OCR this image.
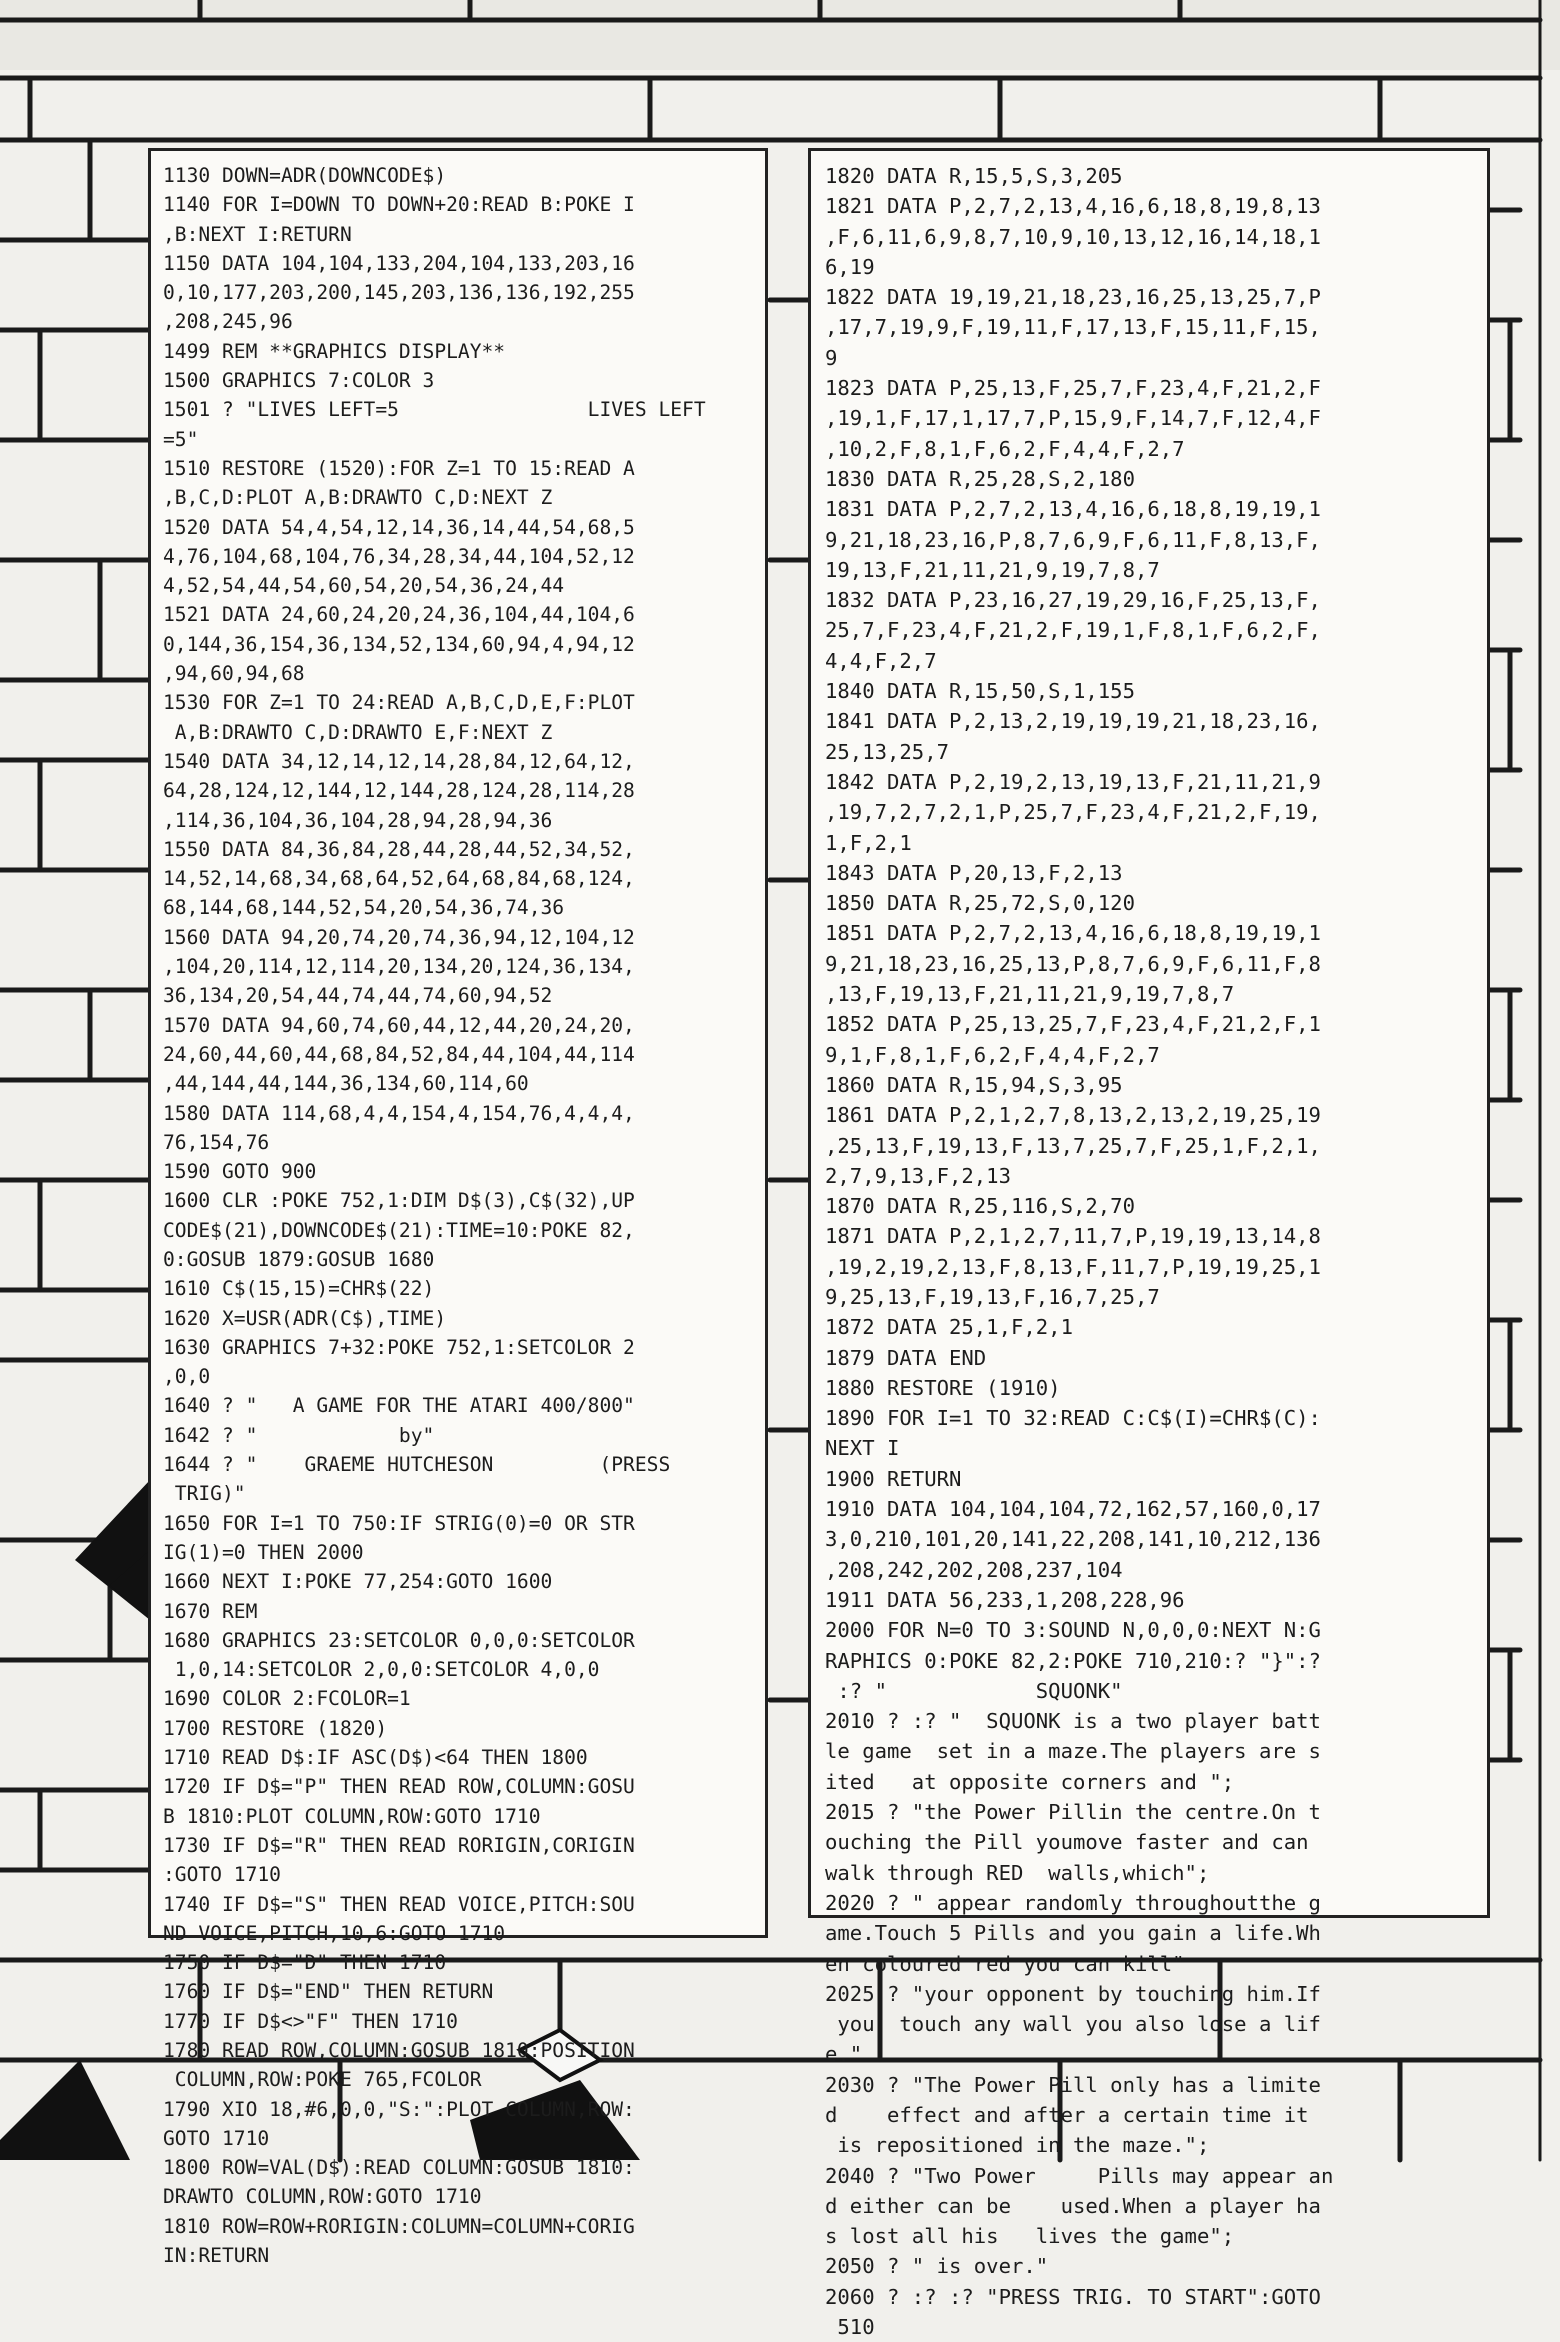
1130 DOWN=ADR(DOWNCODE$)
1140 FOR I=DOWN TO DOWN+20:READ B:POKE I
,B:NEXT I:RETURN
1150 DATA 104,104,133,204,104,133,203,16
0,10,177,203,200,145,203,136,136,192,255
,208,245,96
1499 REM **GRAPHICS DISPLAY**
1500 GRAPHICS 7:COLOR 3
1501 ? "LIVES LEFT=5                LIVES LEFT
=5"
1510 RESTORE (1520):FOR Z=1 TO 15:READ A
,B,C,D:PLOT A,B:DRAWTO C,D:NEXT Z
1520 DATA 54,4,54,12,14,36,14,44,54,68,5
4,76,104,68,104,76,34,28,34,44,104,52,12
4,52,54,44,54,60,54,20,54,36,24,44
1521 DATA 24,60,24,20,24,36,104,44,104,6
0,144,36,154,36,134,52,134,60,94,4,94,12
,94,60,94,68
1530 FOR Z=1 TO 24:READ A,B,C,D,E,F:PLOT
A,B:DRAWTO C,D:DRAWTO E,F:NEXT Z
1540 DATA 34,12,14,12,14,28,84,12,64,12,
64,28,124,12,144,12,144,28,124,28,114,28
,114,36,104,36,104,28,94,28,94,36
1550 DATA 84,36,84,28,44,28,44,52,34,52,
14,52,14,68,34,68,64,52,64,68,84,68,124,
68,144,68,144,52,54,20,54,36,74,36
1560 DATA 94,20,74,20,74,36,94,12,104,12
,104,20,114,12,114,20,134,20,124,36,134,
36,134,20,54,44,74,44,74,60,94,52
1570 DATA 94,60,74,60,44,12,44,20,24,20,
24,60,44,60,44,68,84,52,84,44,104,44,114
,44,144,44,144,36,134,60,114,60
1580 DATA 114,68,4,4,154,4,154,76,4,4,4,
76,154,76
1590 GOTO 900
1600 CLR :POKE 752,1:DIM D$(3),C$(32),UP
CODE$(21),DOWNCODE$(21):TIME=10:POKE 82,
0:GOSUB 1879:GOSUB 1680
1610 C$(15,15)=CHR$(22)
1620 X=USR(ADR(C$),TIME)
1630 GRAPHICS 7+32:POKE 752,1:SETCOLOR 2
,0,0
1640 ? "   A GAME FOR THE ATARI 400/800"
1642 ? "            by"
1644 ? "    GRAEME HUTCHESON         (PRESS
TRIG)"
1650 FOR I=1 TO 750:IF STRIG(0)=0 OR STR
IG(1)=0 THEN 2000
1660 NEXT I:POKE 77,254:GOTO 1600
1670 REM
1680 GRAPHICS 23:SETCOLOR 0,0,0:SETCOLOR
1,0,14:SETCOLOR 2,0,0:SETCOLOR 4,0,0
1690 COLOR 2:FCOLOR=1
1700 RESTORE (1820)
1710 READ D$:IF ASC(D$)<64 THEN 1800
1720 IF D$="P" THEN READ ROW,COLUMN:GOSU
B 1810:PLOT COLUMN,ROW:GOTO 1710
1730 IF D$="R" THEN READ RORIGIN,CORIGIN
:GOTO 1710
1740 IF D$="S" THEN READ VOICE,PITCH:SOU
ND VOICE,PITCH,10,6:GOTO 1710
1750 IF D$="D" THEN 1710
1760 IF D$="END" THEN RETURN
1770 IF D$<>"F" THEN 1710
1780 READ ROW,COLUMN:GOSUB 1810:POSITION
COLUMN,ROW:POKE 765,FCOLOR
1790 XIO 18,#6,0,0,"S:":PLOT COLUMN,ROW:
GOTO 1710
1800 ROW=VAL(D$):READ COLUMN:GOSUB 1810:
DRAWTO COLUMN,ROW:GOTO 1710
1810 ROW=ROW+RORIGIN:COLUMN=COLUMN+CORIG
IN:RETURN
1820 DATA R,15,5,S,3,205
1821 DATA P,2,7,2,13,4,16,6,18,8,19,8,13
,F,6,11,6,9,8,7,10,9,10,13,12,16,14,18,1
6,19
1822 DATA 19,19,21,18,23,16,25,13,25,7,P
,17,7,19,9,F,19,11,F,17,13,F,15,11,F,15,
9
1823 DATA P,25,13,F,25,7,F,23,4,F,21,2,F
,19,1,F,17,1,17,7,P,15,9,F,14,7,F,12,4,F
,10,2,F,8,1,F,6,2,F,4,4,F,2,7
1830 DATA R,25,28,S,2,180
1831 DATA P,2,7,2,13,4,16,6,18,8,19,19,1
9,21,18,23,16,P,8,7,6,9,F,6,11,F,8,13,F,
19,13,F,21,11,21,9,19,7,8,7
1832 DATA P,23,16,27,19,29,16,F,25,13,F,
25,7,F,23,4,F,21,2,F,19,1,F,8,1,F,6,2,F,
4,4,F,2,7
1840 DATA R,15,50,S,1,155
1841 DATA P,2,13,2,19,19,19,21,18,23,16,
25,13,25,7
1842 DATA P,2,19,2,13,19,13,F,21,11,21,9
,19,7,2,7,2,1,P,25,7,F,23,4,F,21,2,F,19,
1,F,2,1
1843 DATA P,20,13,F,2,13
1850 DATA R,25,72,S,0,120
1851 DATA P,2,7,2,13,4,16,6,18,8,19,19,1
9,21,18,23,16,25,13,P,8,7,6,9,F,6,11,F,8
,13,F,19,13,F,21,11,21,9,19,7,8,7
1852 DATA P,25,13,25,7,F,23,4,F,21,2,F,1
9,1,F,8,1,F,6,2,F,4,4,F,2,7
1860 DATA R,15,94,S,3,95
1861 DATA P,2,1,2,7,8,13,2,13,2,19,25,19
,25,13,F,19,13,F,13,7,25,7,F,25,1,F,2,1,
2,7,9,13,F,2,13
1870 DATA R,25,116,S,2,70
1871 DATA P,2,1,2,7,11,7,P,19,19,13,14,8
,19,2,19,2,13,F,8,13,F,11,7,P,19,19,25,1
9,25,13,F,19,13,F,16,7,25,7
1872 DATA 25,1,F,2,1
1879 DATA END
1880 RESTORE (1910)
1890 FOR I=1 TO 32:READ C:C$(I)=CHR$(C):
NEXT I
1900 RETURN
1910 DATA 104,104,104,72,162,57,160,0,17
3,0,210,101,20,141,22,208,141,10,212,136
,208,242,202,208,237,104
1911 DATA 56,233,1,208,228,96
2000 FOR N=0 TO 3:SOUND N,0,0,0:NEXT N:G
RAPHICS 0:POKE 82,2:POKE 710,210:? "}":?
:? "            SQUONK"
2010 ? :? "  SQUONK is a two player batt
le game  set in a maze.The players are s
ited   at opposite corners and ";
2015 ? "the Power Pillin the centre.On t
ouching the Pill youmove faster and can
walk through RED  walls,which";
2020 ? " appear randomly throughoutthe g
ame.Touch 5 Pills and you gain a life.Wh
en coloured red you can kill"
2025 ? "your opponent by touching him.If
you  touch any wall you also lose a lif
e."
2030 ? "The Power Pill only has a limite
d    effect and after a certain time it
is repositioned in the maze.";
2040 ? "Two Power     Pills may appear an
d either can be    used.When a player ha
s lost all his   lives the game";
2050 ? " is over."
2060 ? :? :? "PRESS TRIG. TO START":GOTO
510
